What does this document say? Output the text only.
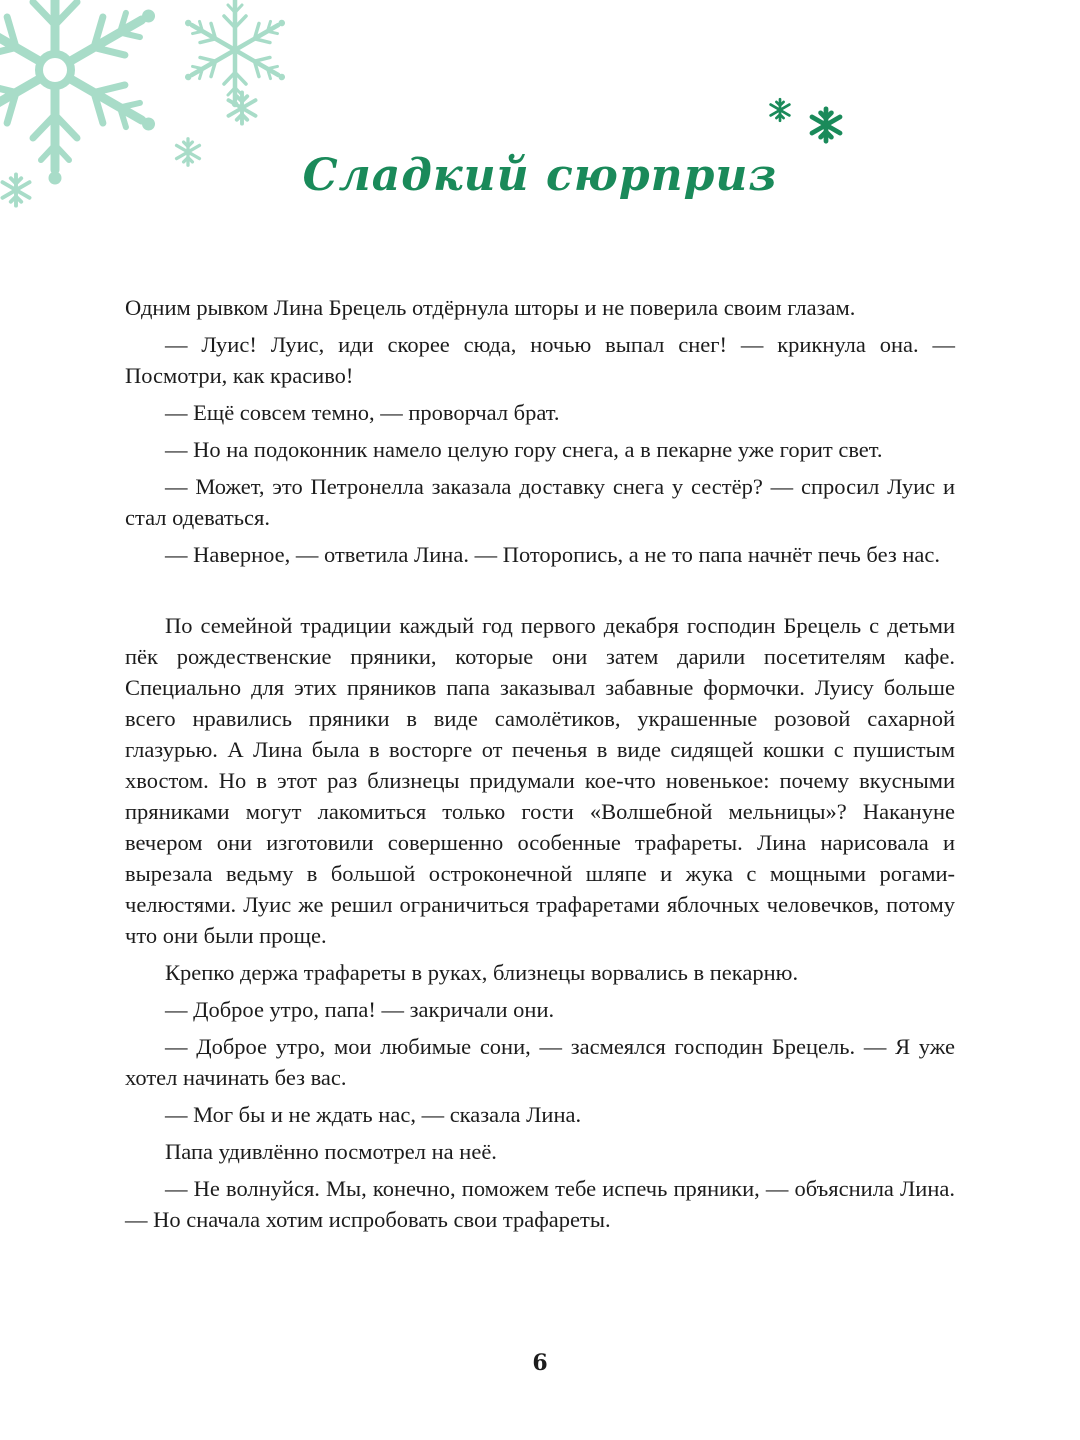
Сладкий сюрприз

Одним рывком Лина Брецель отдёрнула шторы и не поверила своим глазам.

— Луис! Луис, иди скорее сюда, ночью выпал снег! — крикнула она. — Посмотри, как красиво!

— Ещё совсем темно, — проворчал брат.

— Но на подоконник намело целую гору снега, а в пекарне уже горит свет.

— Может, это Петронелла заказала доставку снега у сестёр? — спросил Луис и стал одеваться.

— Наверное, — ответила Лина. — Поторопись, а не то папа начнёт печь без нас.

По семейной традиции каждый год первого декабря господин Брецель с детьми пёк рождественские пряники, которые они затем дарили посетителям кафе. Специально для этих пряников папа заказывал забавные формочки. Луису больше всего нравились пряники в виде самолётиков, украшенные розовой сахарной глазурью. А Лина была в восторге от печенья в виде сидящей кошки с пушистым хвостом. Но в этот раз близнецы придумали кое-что новенькое: почему вкусными пряниками могут лакомиться только гости «Волшебной мельницы»? Накануне вечером они изготовили совершенно особенные трафареты. Лина нарисовала и вырезала ведьму в большой остроконечной шляпе и жука с мощными рогами-челюстями. Луис же решил ограничиться трафаретами яблочных человечков, потому что они были проще.

Крепко держа трафареты в руках, близнецы ворвались в пекарню.

— Доброе утро, папа! — закричали они.

— Доброе утро, мои любимые сони, — засмеялся господин Брецель. — Я уже хотел начинать без вас.

— Мог бы и не ждать нас, — сказала Лина.

Папа удивлённо посмотрел на неё.

— Не волнуйся. Мы, конечно, поможем тебе испечь пряники, — объяснила Лина. — Но сначала хотим испробовать свои трафареты.

6
